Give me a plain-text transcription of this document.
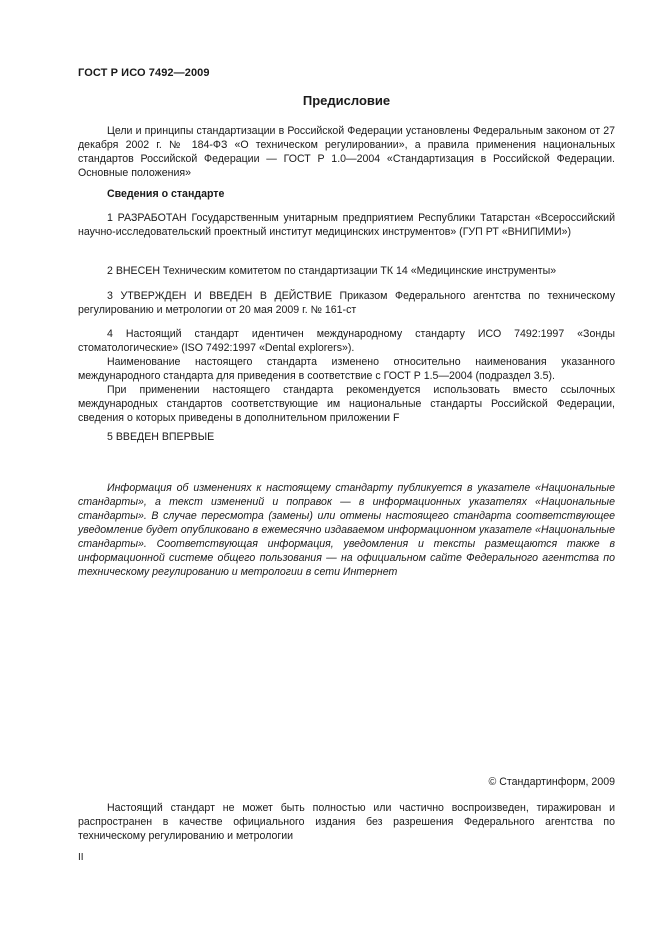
ГОСТ Р ИСО 7492—2009
Предисловие

Цели и принципы стандартизации в Российской Федерации установлены Федеральным законом от 27 декабря 2002 г. № 184-ФЗ «О техническом регулировании», а правила применения национальных стандартов Российской Федерации — ГОСТ Р 1.0—2004 «Стандартизация в Российской Федерации. Основные положения»

Сведения о стандарте

1 РАЗРАБОТАН Государственным унитарным предприятием Республики Татарстан «Всероссийский научно-исследовательский проектный институт медицинских инструментов» (ГУП РТ «ВНИПИМИ»)

2 ВНЕСЕН Техническим комитетом по стандартизации ТК 14 «Медицинские инструменты»

3 УТВЕРЖДЕН И ВВЕДЕН В ДЕЙСТВИЕ Приказом Федерального агентства по техническому регулированию и метрологии от 20 мая 2009 г. № 161-ст

4 Настоящий стандарт идентичен международному стандарту ИСО 7492:1997 «Зонды стоматологические» (ISO 7492:1997 «Dental explorers»).

Наименование настоящего стандарта изменено относительно наименования указанного международного стандарта для приведения в соответствие с ГОСТ Р 1.5—2004 (подраздел 3.5).

При применении настоящего стандарта рекомендуется использовать вместо ссылочных международных стандартов соответствующие им национальные стандарты Российской Федерации, сведения о которых приведены в дополнительном приложении F

5 ВВЕДЕН ВПЕРВЫЕ

Информация об изменениях к настоящему стандарту публикуется в указателе «Национальные стандарты», а текст изменений и поправок — в информационных указателях «Национальные стандарты». В случае пересмотра (замены) или отмены настоящего стандарта соответствующее уведомление будет опубликовано в ежемесячно издаваемом информационном указателе «Национальные стандарты». Соответствующая информация, уведомления и тексты размещаются также в информационной системе общего пользования — на официальном сайте Федерального агентства по техническому регулированию и метрологии в сети Интернет

© Стандартинформ, 2009

Настоящий стандарт не может быть полностью или частично воспроизведен, тиражирован и распространен в качестве официального издания без разрешения Федерального агентства по техническому регулированию и метрологии

II
